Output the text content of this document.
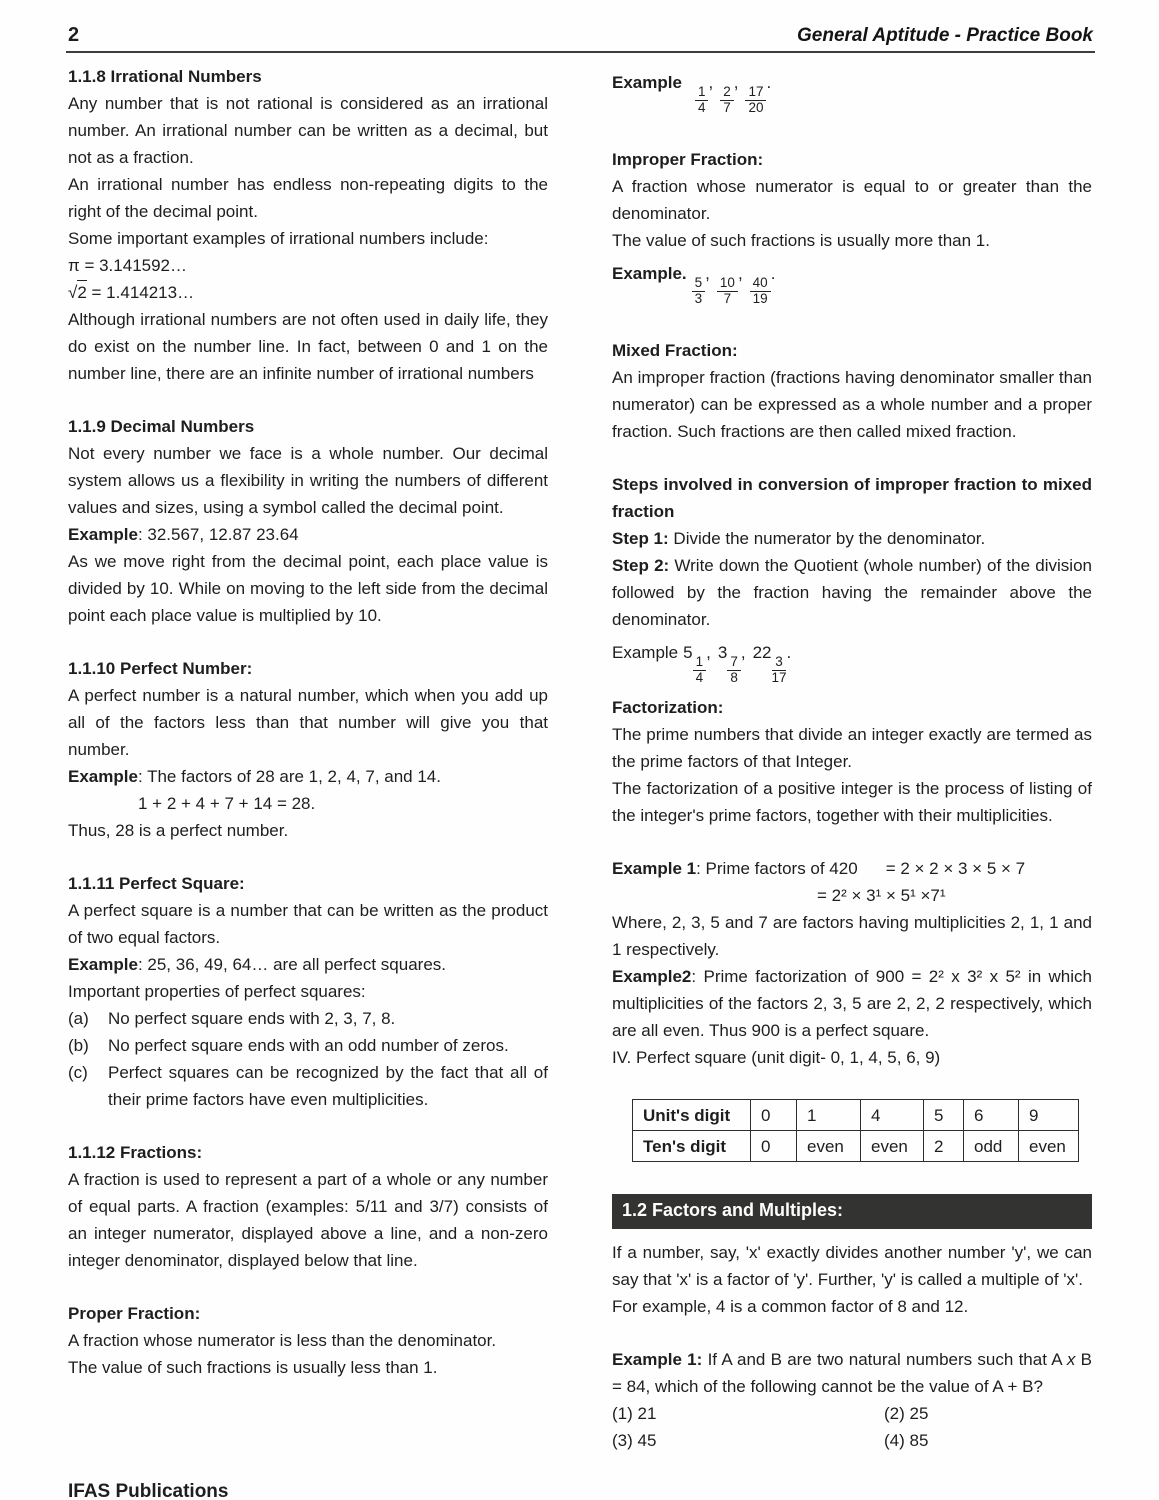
2	General Aptitude - Practice Book
1.1.8 Irrational Numbers
Any number that is not rational is considered as an irrational number. An irrational number can be written as a decimal, but not as a fraction.
An irrational number has endless non-repeating digits to the right of the decimal point.
Some important examples of irrational numbers include:
π = 3.141592…
√2 = 1.414213…
Although irrational numbers are not often used in daily life, they do exist on the number line. In fact, between 0 and 1 on the number line, there are an infinite number of irrational numbers
1.1.9 Decimal Numbers
Not every number we face is a whole number. Our decimal system allows us a flexibility in writing the numbers of different values and sizes, using a symbol called the decimal point.
Example: 32.567, 12.87 23.64
As we move right from the decimal point, each place value is divided by 10. While on moving to the left side from the decimal point each place value is multiplied by 10.
1.1.10 Perfect Number:
A perfect number is a natural number, which when you add up all of the factors less than that number will give you that number.
Example: The factors of 28 are 1, 2, 4, 7, and 14.
1 + 2 + 4 + 7 + 14 = 28.
Thus, 28 is a perfect number.
1.1.11 Perfect Square:
A perfect square is a number that can be written as the product of two equal factors.
Example: 25, 36, 49, 64… are all perfect squares.
Important properties of perfect squares:
(a)	No perfect square ends with 2, 3, 7, 8.
(b)	No perfect square ends with an odd number of zeros.
(c)	Perfect squares can be recognized by the fact that all of their prime factors have even multiplicities.
1.1.12 Fractions:
A fraction is used to represent a part of a whole or any number of equal parts. A fraction (examples: 5/11 and 3/7) consists of an integer numerator, displayed above a line, and a non-zero integer denominator, displayed below that line.
Proper Fraction:
A fraction whose numerator is less than the denominator.
The value of such fractions is usually less than 1.
Example
$\frac{1}{4}$
,
$\frac{2}{7}$
,
$\frac{17}{20}$
.
Improper Fraction:
A fraction whose numerator is equal to or greater than the denominator.
The value of such fractions is usually more than 1.
Example.
$\frac{5}{3}$
,
$\frac{10}{7}$
,
$\frac{40}{19}$
.
Mixed Fraction:
An improper fraction (fractions having denominator smaller than numerator) can be expressed as a whole number and a proper fraction. Such fractions are then called mixed fraction.
Steps involved in conversion of improper fraction to mixed fraction
Step 1: Divide the numerator by the denominator.
Step 2: Write down the Quotient (whole number) of the division followed by the fraction having the remainder above the denominator.
Example 5
$\frac{1}{4}$
, 3
$\frac{7}{8}$
, 22
$\frac{3}{17}$
.
Factorization:
The prime numbers that divide an integer exactly are termed as the prime factors of that Integer.
The factorization of a positive integer is the process of listing of the integer's prime factors, together with their multiplicities.
Example 1: Prime factors of 420 = 2 × 2 × 3 × 5 × 7
= 2² × 3¹ × 5¹ ×7¹
Where, 2, 3, 5 and 7 are factors having multiplicities 2, 1, 1 and 1 respectively.
Example2: Prime factorization of 900 = 2² x 3² x 5² in which multiplicities of the factors 2, 3, 5 are 2, 2, 2 respectively, which are all even. Thus 900 is a perfect square.
IV. Perfect square (unit digit- 0, 1, 4, 5, 6, 9)
Unit's digit	0	1	4	5	6	9
Ten's digit	0	even	even	2	odd	even
1.2 Factors and Multiples:
If a number, say, 'x' exactly divides another number 'y', we can say that 'x' is a factor of 'y'. Further, 'y' is called a multiple of 'x'.
For example, 4 is a common factor of 8 and 12.
Example 1: If A and B are two natural numbers such that A x B = 84, which of the following cannot be the value of A + B?
(1) 21	(2) 25
(3) 45	(4) 85
IFAS Publications
